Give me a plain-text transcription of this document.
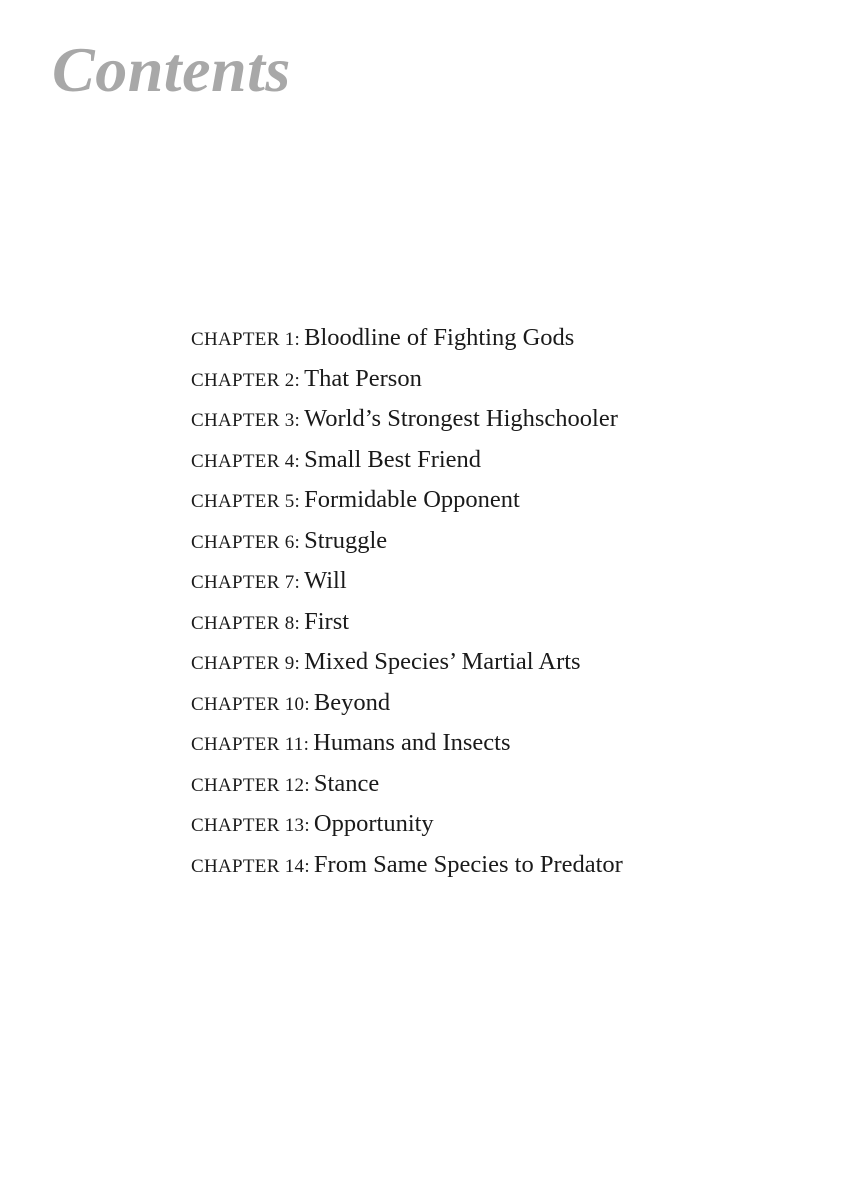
Contents
CHAPTER 1: Bloodline of Fighting Gods
CHAPTER 2: That Person
CHAPTER 3: World’s Strongest Highschooler
CHAPTER 4: Small Best Friend
CHAPTER 5: Formidable Opponent
CHAPTER 6: Struggle
CHAPTER 7: Will
CHAPTER 8: First
CHAPTER 9: Mixed Species’ Martial Arts
CHAPTER 10: Beyond
CHAPTER 11: Humans and Insects
CHAPTER 12: Stance
CHAPTER 13: Opportunity
CHAPTER 14: From Same Species to Predator
